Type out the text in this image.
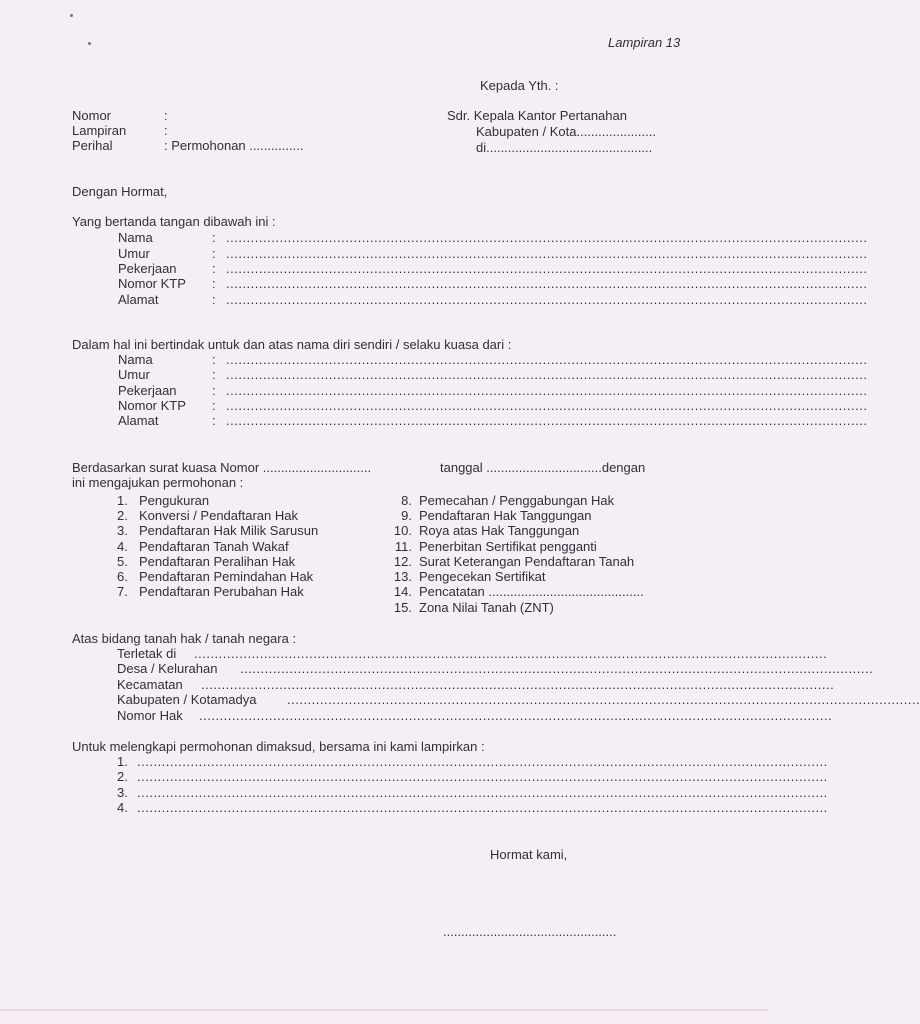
Lampiran 13
Kepada Yth. :
Nomor	:
Lampiran	:
Perihal	: Permohonan ...............
Sdr. Kepala Kantor Pertanahan
Kabupaten / Kota......................
di..............................................
Dengan Hormat,
Yang bertanda tangan dibawah ini :
Nama	: ............................................................................................................................................................
Umur	: ............................................................................................................................................................
Pekerjaan	: ............................................................................................................................................................
Nomor KTP : ............................................................................................................................................................
Alamat	: ............................................................................................................................................................
Dalam hal ini bertindak untuk dan atas nama diri sendiri / selaku kuasa dari :
Nama	: ............................................................................................................................................................
Umur	: ............................................................................................................................................................
Pekerjaan	: ............................................................................................................................................................
Nomor KTP : ............................................................................................................................................................
Alamat	: ............................................................................................................................................................
Berdasarkan surat kuasa Nomor ..............................	tanggal ................................dengan
ini mengajukan permohonan :
1. Pengukuran
2. Konversi / Pendaftaran Hak
3. Pendaftaran Hak Milik Sarusun
4. Pendaftaran Tanah Wakaf
5. Pendaftaran Peralihan Hak
6. Pendaftaran Pemindahan Hak
7. Pendaftaran Perubahan Hak
8. Pemecahan / Penggabungan Hak
9. Pendaftaran Hak Tanggungan
10. Roya atas Hak Tanggungan
11. Penerbitan Sertifikat pengganti
12. Surat Keterangan Pendaftaran Tanah
13. Pengecekan Sertifikat
14. Pencatatan ...........................................
15. Zona Nilai Tanah (ZNT)
Atas bidang tanah hak / tanah negara :
Terletak di ..........................................................................................................................................................
Desa / Kelurahan ..........................................................................................................................................................
Kecamatan ..........................................................................................................................................................
Kabupaten / Kotamadya ..........................................................................................................................................................
Nomor Hak ..........................................................................................................................................................
Untuk melengkapi permohonan dimaksud, bersama ini kami lampirkan :
1. ........................................................................................................................................................................
2. ........................................................................................................................................................................
3. ........................................................................................................................................................................
4. ........................................................................................................................................................................
Hormat kami,
................................................
